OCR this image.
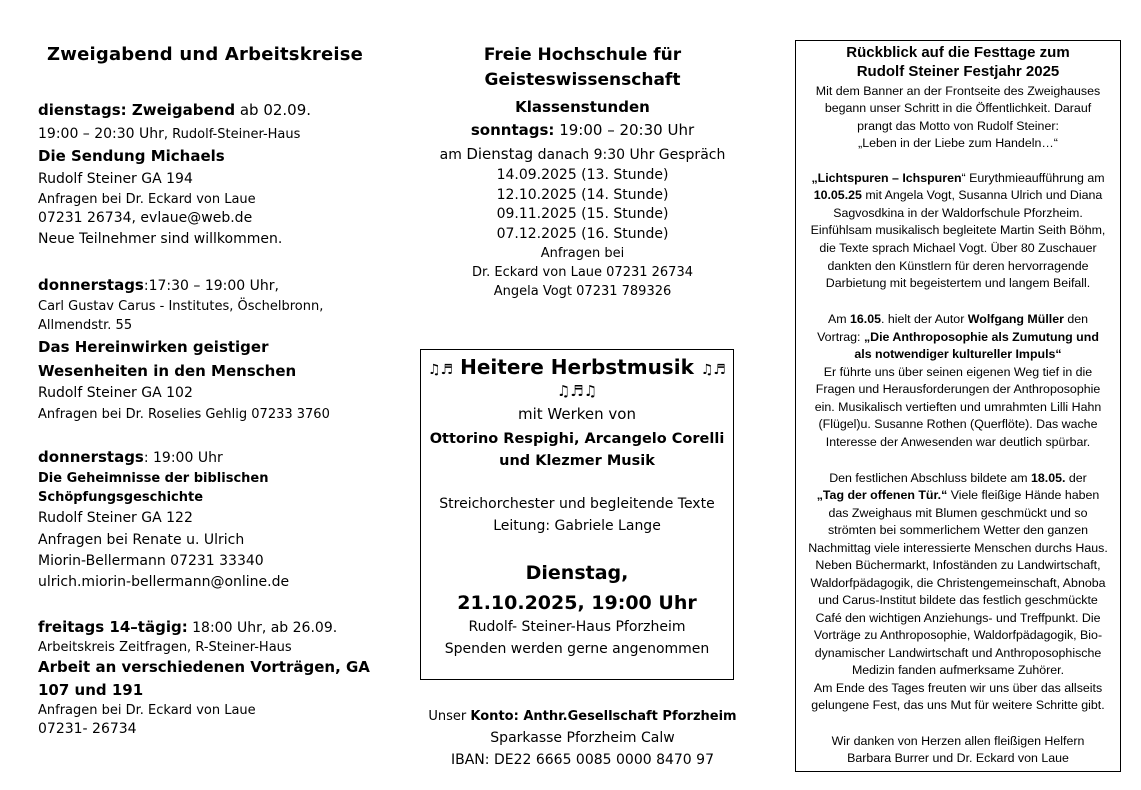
Zweigabend und Arbeitskreise
dienstags: Zweigabend ab 02.09.
19:00 – 20:30 Uhr, Rudolf-Steiner-Haus
Die Sendung Michaels
Rudolf Steiner GA 194
Anfragen bei Dr. Eckard von Laue
07231 26734, evlaue@web.de
Neue Teilnehmer sind willkommen.
donnerstags:17:30 – 19:00 Uhr,
Carl Gustav Carus - Institutes, Öschelbronn,
Allmendstr. 55
Das Hereinwirken geistiger
Wesenheiten in den Menschen
Rudolf Steiner GA 102
Anfragen bei Dr. Roselies Gehlig 07233 3760
donnerstags: 19:00 Uhr
Die Geheimnisse der biblischen
Schöpfungsgeschichte
Rudolf Steiner GA 122
Anfragen bei Renate u. Ulrich
Miorin-Bellermann 07231 33340
ulrich.miorin-bellermann@online.de
freitags 14–tägig: 18:00 Uhr, ab 26.09.
Arbeitskreis Zeitfragen, R-Steiner-Haus
Arbeit an verschiedenen Vorträgen, GA
107 und 191
Anfragen bei Dr. Eckard von Laue
07231- 26734
Freie Hochschule für
Geisteswissenschaft
Klassenstunden
sonntags: 19:00 – 20:30 Uhr
am Dienstag danach 9:30 Uhr Gespräch
14.09.2025 (13. Stunde)
12.10.2025 (14. Stunde)
09.11.2025 (15. Stunde)
07.12.2025 (16. Stunde)
Anfragen bei
Dr. Eckard von Laue 07231 26734
Angela Vogt 07231 789326
Unser Konto: Anthr.Gesellschaft Pforzheim
Sparkasse Pforzheim Calw
IBAN: DE22 6665 0085 0000 8470 97
♫♬ Heitere Herbstmusik ♫♬
♫♬♫
mit Werken von
Ottorino Respighi, Arcangelo Corelli
und Klezmer Musik
Streichorchester und begleitende Texte
Leitung: Gabriele Lange
Dienstag,
21.10.2025, 19:00 Uhr
Rudolf- Steiner-Haus Pforzheim
Spenden werden gerne angenommen
Rückblick auf die Festtage zum
Rudolf Steiner Festjahr 2025
Mit dem Banner an der Frontseite des Zweighauses
begann unser Schritt in die Öffentlichkeit. Darauf
prangt das Motto von Rudolf Steiner:
„Leben in der Liebe zum Handeln…“
„Lichtspuren – Ichspuren“ Eurythmieaufführung am
10.05.25 mit Angela Vogt, Susanna Ulrich und Diana
Sagvosdkina in der Waldorfschule Pforzheim.
Einfühlsam musikalisch begleitete Martin Seith Böhm,
die Texte sprach Michael Vogt. Über 80 Zuschauer
dankten den Künstlern für deren hervorragende
Darbietung mit begeistertem und langem Beifall.
Am 16.05. hielt der Autor Wolfgang Müller den
Vortrag: „Die Anthroposophie als Zumutung und
als notwendiger kultureller Impuls“
Er führte uns über seinen eigenen Weg tief in die
Fragen und Herausforderungen der Anthroposophie
ein. Musikalisch vertieften und umrahmten Lilli Hahn
(Flügel)u. Susanne Rothen (Querflöte). Das wache
Interesse der Anwesenden war deutlich spürbar.
Den festlichen Abschluss bildete am 18.05. der
„Tag der offenen Tür.“ Viele fleißige Hände haben
das Zweighaus mit Blumen geschmückt und so
strömten bei sommerlichem Wetter den ganzen
Nachmittag viele interessierte Menschen durchs Haus.
Neben Büchermarkt, Infoständen zu Landwirtschaft,
Waldorfpädagogik, die Christengemeinschaft, Abnoba
und Carus-Institut bildete das festlich geschmückte
Café den wichtigen Anziehungs- und Treffpunkt. Die
Vorträge zu Anthroposophie, Waldorfpädagogik, Bio-
dynamischer Landwirtschaft und Anthroposophische
Medizin fanden aufmerksame Zuhörer.
Am Ende des Tages freuten wir uns über das allseits
gelungene Fest, das uns Mut für weitere Schritte gibt.
Wir danken von Herzen allen fleißigen Helfern
Barbara Burrer und Dr. Eckard von Laue
